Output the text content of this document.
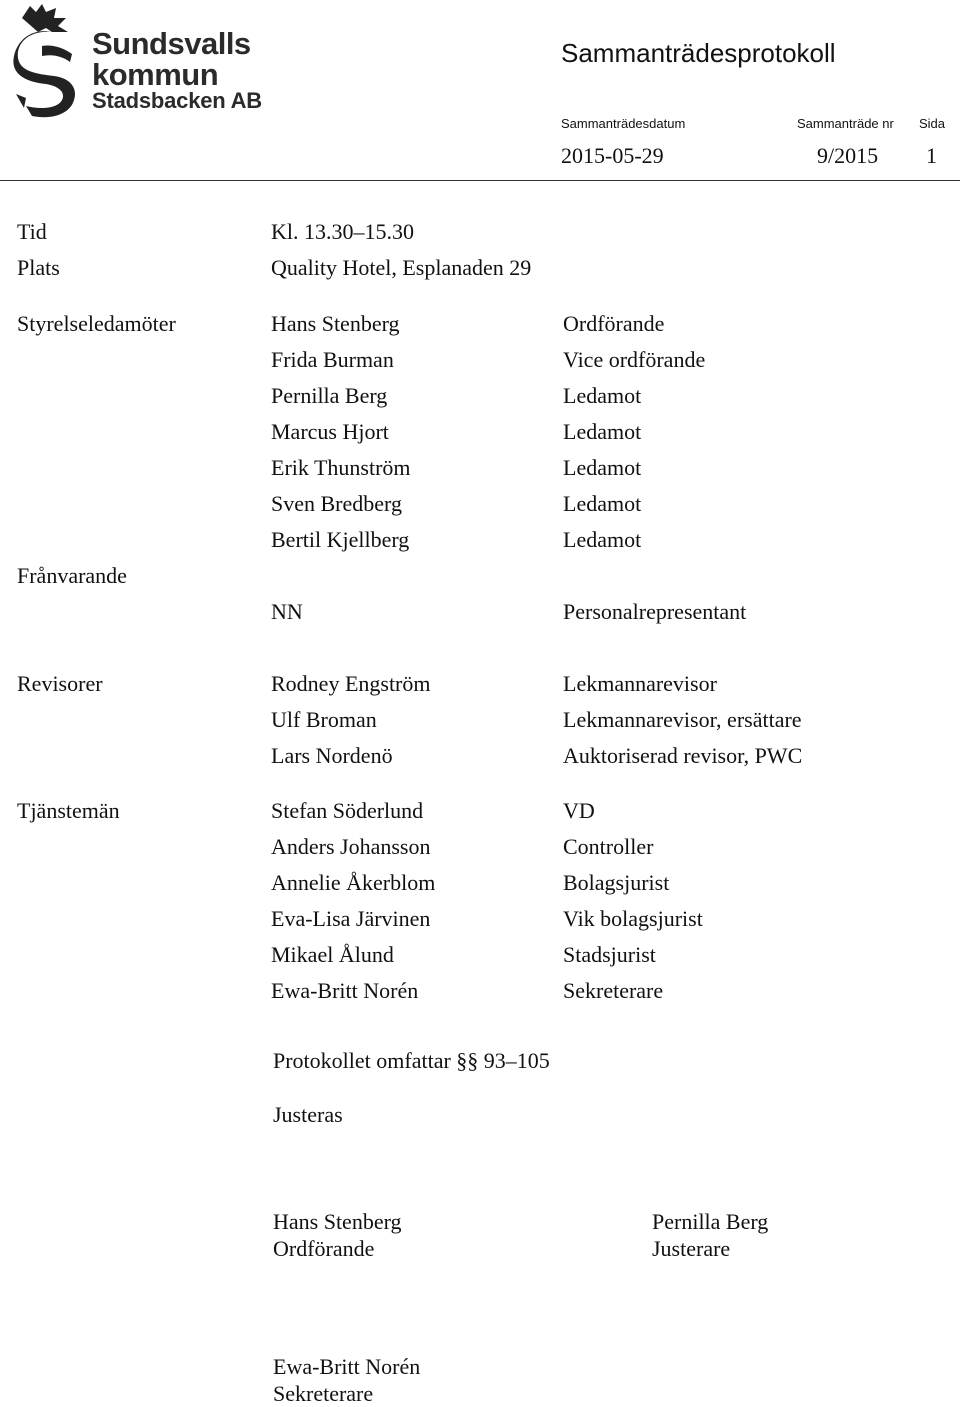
Sundsvalls
kommun
Stadsbacken AB
Sammanträdesprotokoll
Sammanträdesdatum	Sammanträde nr Sida
2015-05-29	9/2015 1
Tid	Kl. 13.30–15.30
Plats	Quality Hotel, Esplanaden 29
Styrelseledamöter	Hans Stenberg	Ordförande
Frida Burman	Vice ordförande
Pernilla Berg	Ledamot
Marcus Hjort	Ledamot
Erik Thunström	Ledamot
Sven Bredberg	Ledamot
Bertil Kjellberg	Ledamot
Frånvarande
NN	Personalrepresentant
Revisorer	Rodney Engström	Lekmannarevisor
Ulf Broman	Lekmannarevisor, ersättare
Lars Nordenö	Auktoriserad revisor, PWC
Tjänstemän	Stefan Söderlund	VD
Anders Johansson	Controller
Annelie Åkerblom	Bolagsjurist
Eva-Lisa Järvinen	Vik bolagsjurist
Mikael Ålund	Stadsjurist
Ewa-Britt Norén	Sekreterare
Protokollet omfattar §§ 93–105
Justeras
Hans Stenberg
Ordförande
Pernilla Berg
Justerare
Ewa-Britt Norén
Sekreterare
